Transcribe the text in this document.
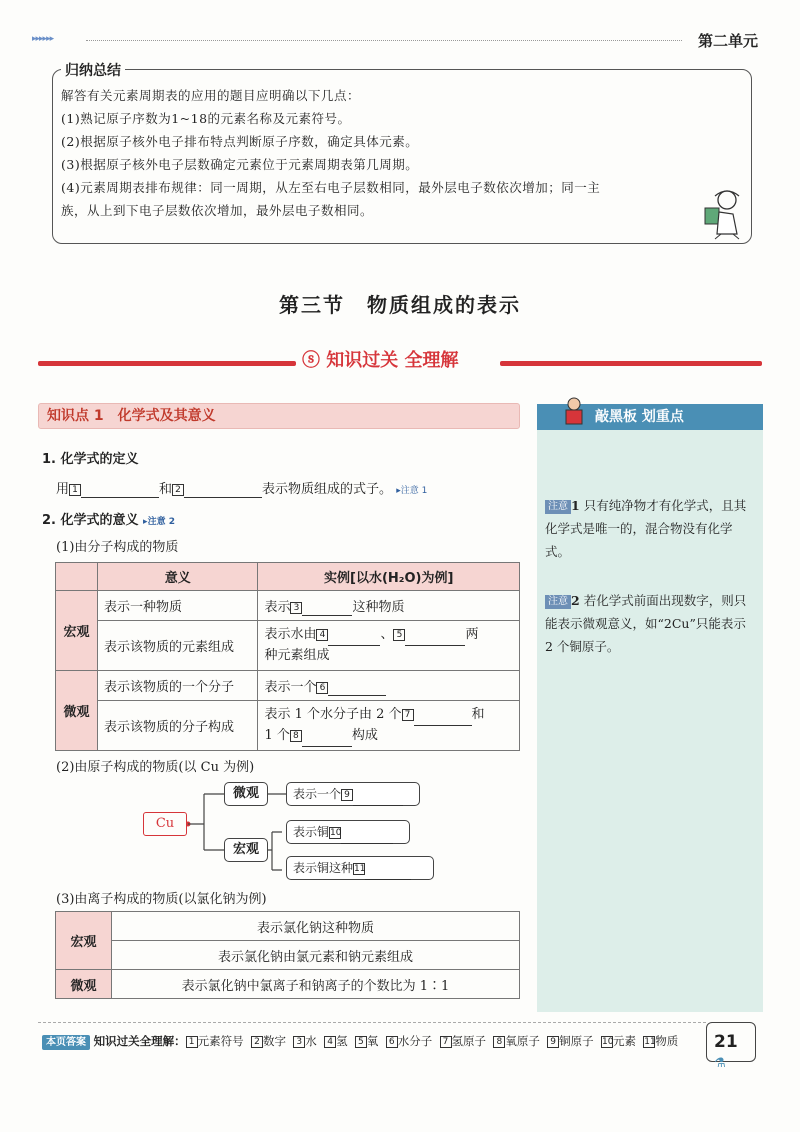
▸▸▸▸▸▸	第二单元
归纳总结

解答有关元素周期表的应用的题目应明确以下几点：

(1)熟记原子序数为1~18的元素名称及元素符号。

(2)根据原子核外电子排布特点判断原子序数，确定具体元素。

(3)根据原子核外电子层数确定元素位于元素周期表第几周期。

(4)元素周期表排布规律：同一周期，从左至右电子层数相同，最外层电子数依次增加；同一主

族，从上到下电子层数依次增加，最外层电子数相同。

第三节　物质组成的表示
ⓢ 知识过关 全理解
知识点 1　化学式及其意义
1. 化学式的定义
用 1	和 2	表示物质组成的式子。 ▸注意 1
2. 化学式的意义 ▸注意 2
(1)由分子构成的物质
	意义	实例[以水(H₂O)为例]
宏观	表示一种物质	表示 3 这种物质
	表示该物质的元素组成	表示水由 4 、 5 两
种元素组成
微观	表示该物质的一个分子	表示一个 6
	表示该物质的分子构成	表示 1 个水分子由 2 个 7 和
1 个 8 构成
(2)由原子构成的物质(以 Cu 为例)
Cu
微观
宏观
表示一个 9
表示铜10
表示铜这种11
(3)由离子构成的物质(以氯化钠为例)
宏观	表示氯化钠这种物质
	表示氯化钠由氯元素和钠元素组成
微观	表示氯化钠中氯离子和钠离子的个数比为 1∶1
敲黑板 划重点
注意 1 只有纯净物才有化学式，且其化学式是唯一的，混合物没有化学式。
注意 2 若化学式前面出现数字，则只能表示微观意义，如“2Cu”只能表示 2 个铜原子。
本页答案 知识过关全理解： 1 元素符号 2 数字 3 水 4 氢 5 氧 6 水分子 7 氢原子 8 氧原子 9 铜原子 10元素 11物质	21 ⚗
